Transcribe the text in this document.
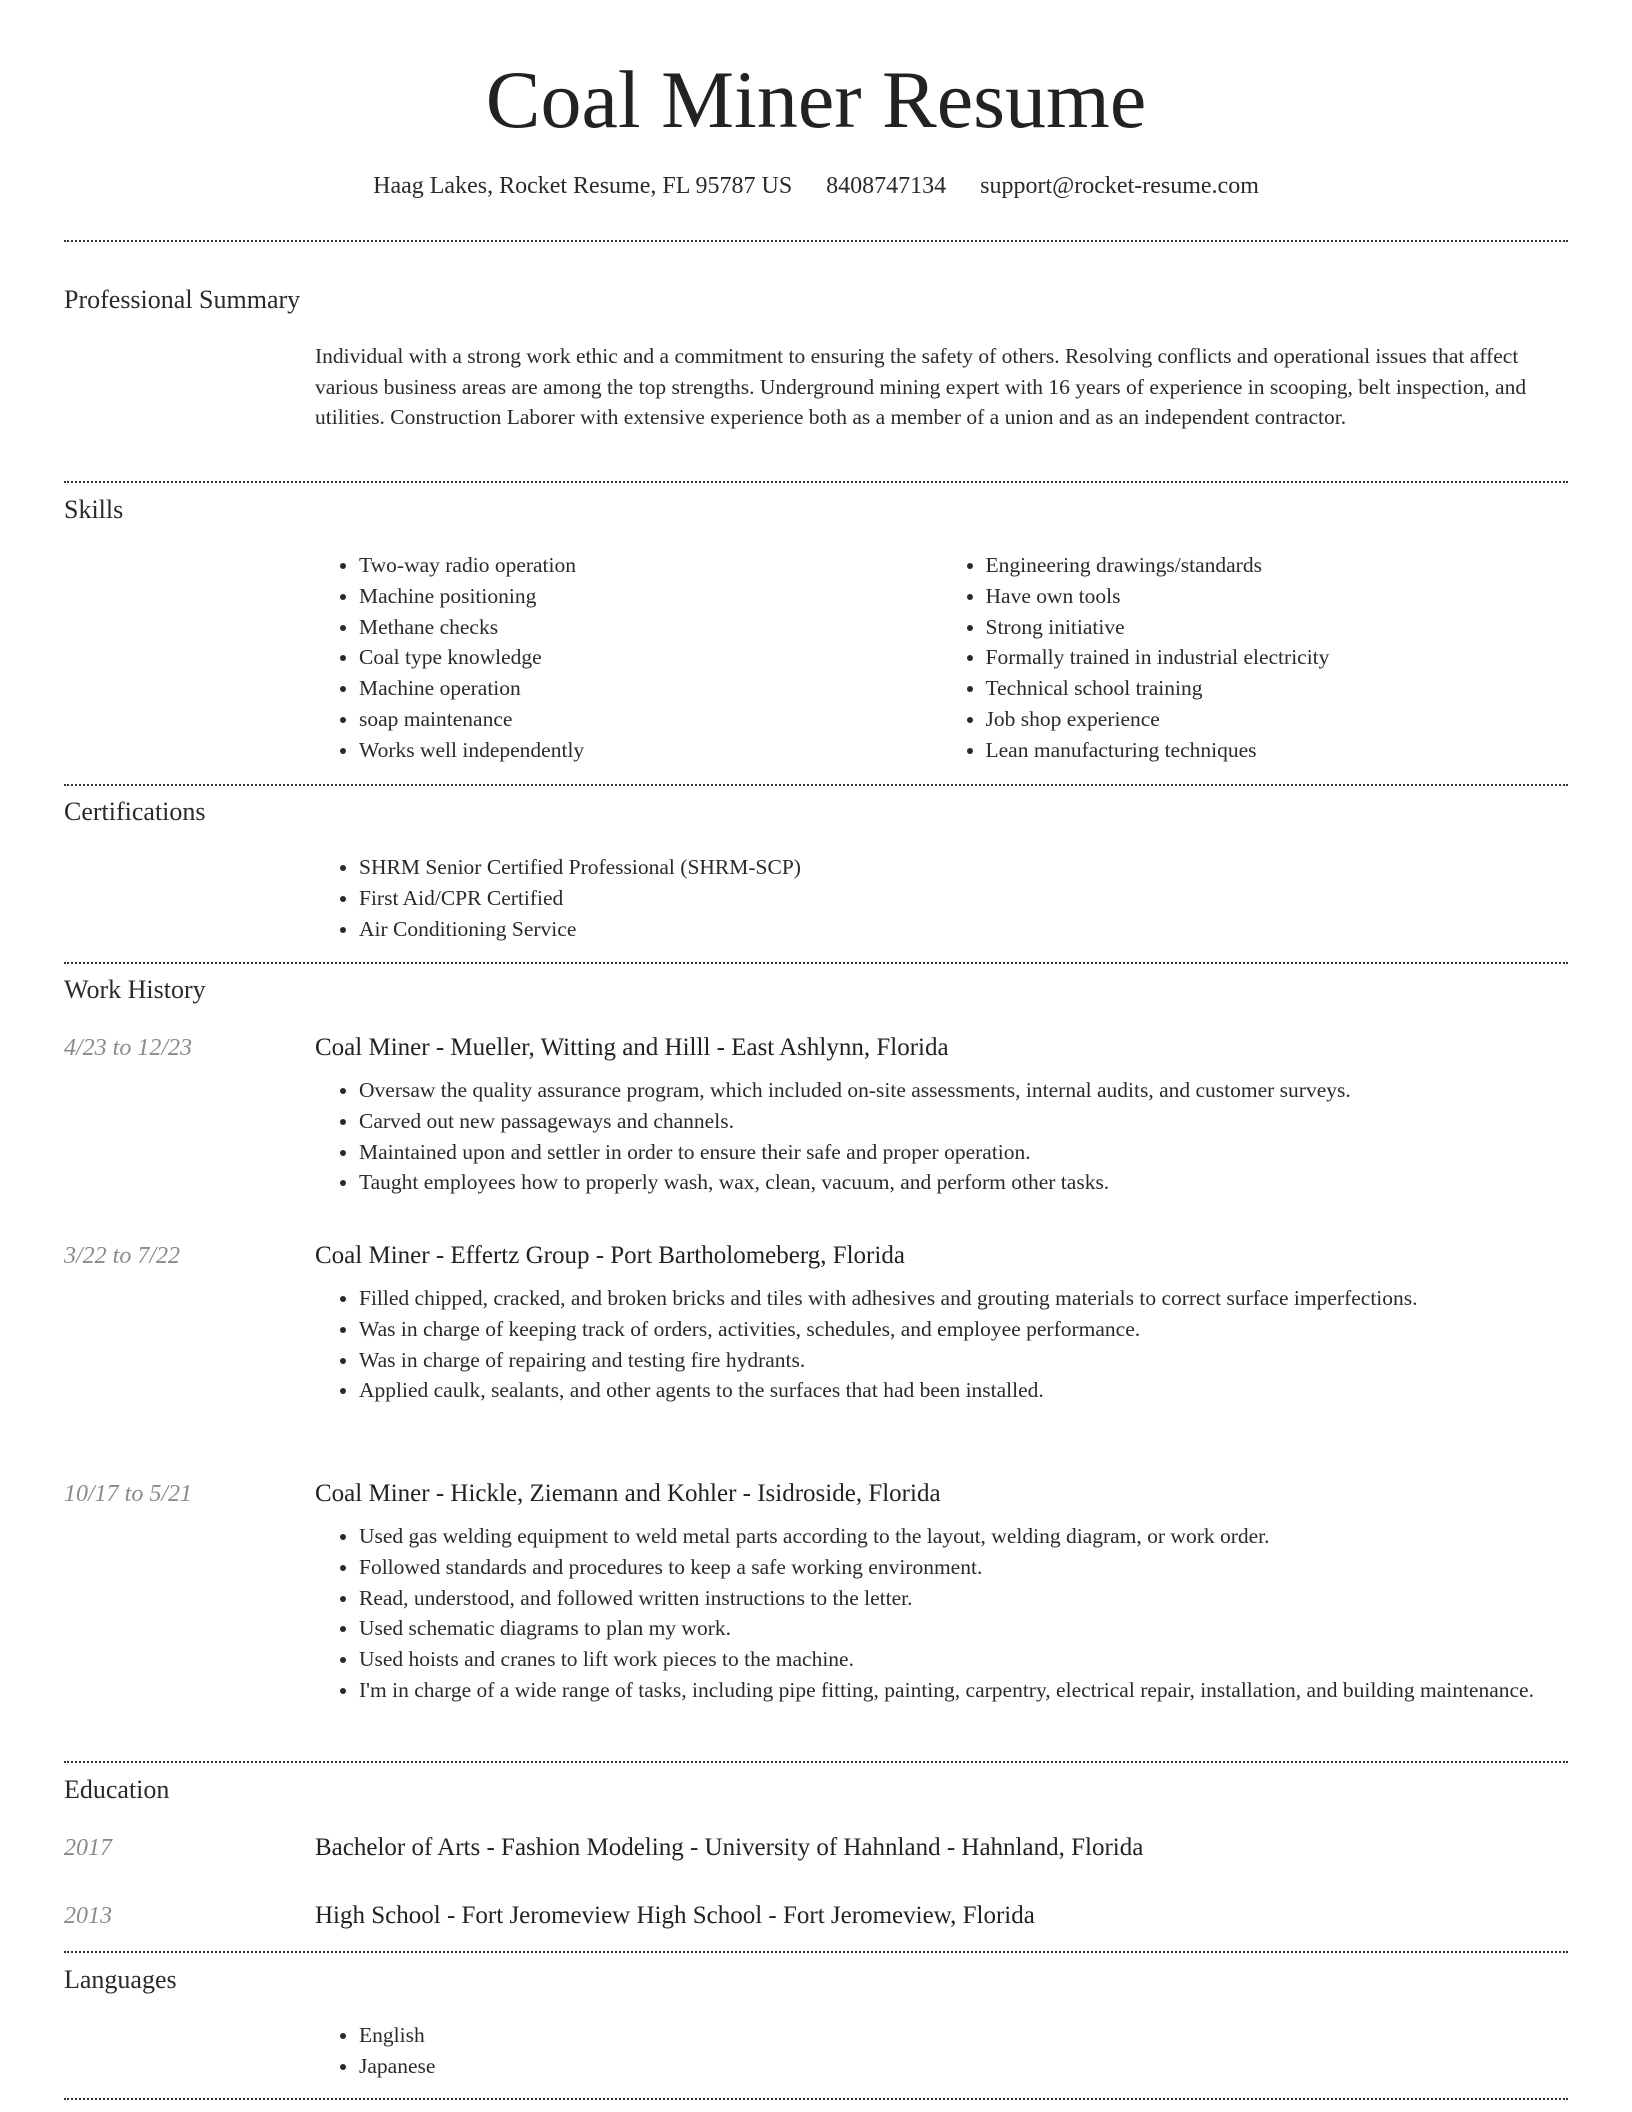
Coal Miner Resume
Haag Lakes, Rocket Resume, FL 95787 US 8408747134 support@rocket-resume.com
Professional Summary

Individual with a strong work ethic and a commitment to ensuring the safety of others. Resolving conflicts and operational issues that affect various business areas are among the top strengths. Underground mining expert with 16 years of experience in scooping, belt inspection, and utilities. Construction Laborer with extensive experience both as a member of a union and as an independent contractor.

Skills
• Two-way radio operation
• Machine positioning
• Methane checks
• Coal type knowledge
• Machine operation
• soap maintenance
• Works well independently
• Engineering drawings/standards
• Have own tools
• Strong initiative
• Formally trained in industrial electricity
• Technical school training
• Job shop experience
• Lean manufacturing techniques
Certifications
• SHRM Senior Certified Professional (SHRM-SCP)
• First Aid/CPR Certified
• Air Conditioning Service
Work History
4/23 to 12/23	Coal Miner - Mueller, Witting and Hilll - East Ashlynn, Florida
• Oversaw the quality assurance program, which included on-site assessments, internal audits, and customer surveys.
• Carved out new passageways and channels.
• Maintained upon and settler in order to ensure their safe and proper operation.
• Taught employees how to properly wash, wax, clean, vacuum, and perform other tasks.
3/22 to 7/22	Coal Miner - Effertz Group - Port Bartholomeberg, Florida
• Filled chipped, cracked, and broken bricks and tiles with adhesives and grouting materials to correct surface imperfections.
• Was in charge of keeping track of orders, activities, schedules, and employee performance.
• Was in charge of repairing and testing fire hydrants.
• Applied caulk, sealants, and other agents to the surfaces that had been installed.
10/17 to 5/21	Coal Miner - Hickle, Ziemann and Kohler - Isidroside, Florida
• Used gas welding equipment to weld metal parts according to the layout, welding diagram, or work order.
• Followed standards and procedures to keep a safe working environment.
• Read, understood, and followed written instructions to the letter.
• Used schematic diagrams to plan my work.
• Used hoists and cranes to lift work pieces to the machine.
• I'm in charge of a wide range of tasks, including pipe fitting, painting, carpentry, electrical repair, installation, and building maintenance.
Education
2017	Bachelor of Arts - Fashion Modeling - University of Hahnland - Hahnland, Florida
2013	High School - Fort Jeromeview High School - Fort Jeromeview, Florida
Languages
• English
• Japanese
